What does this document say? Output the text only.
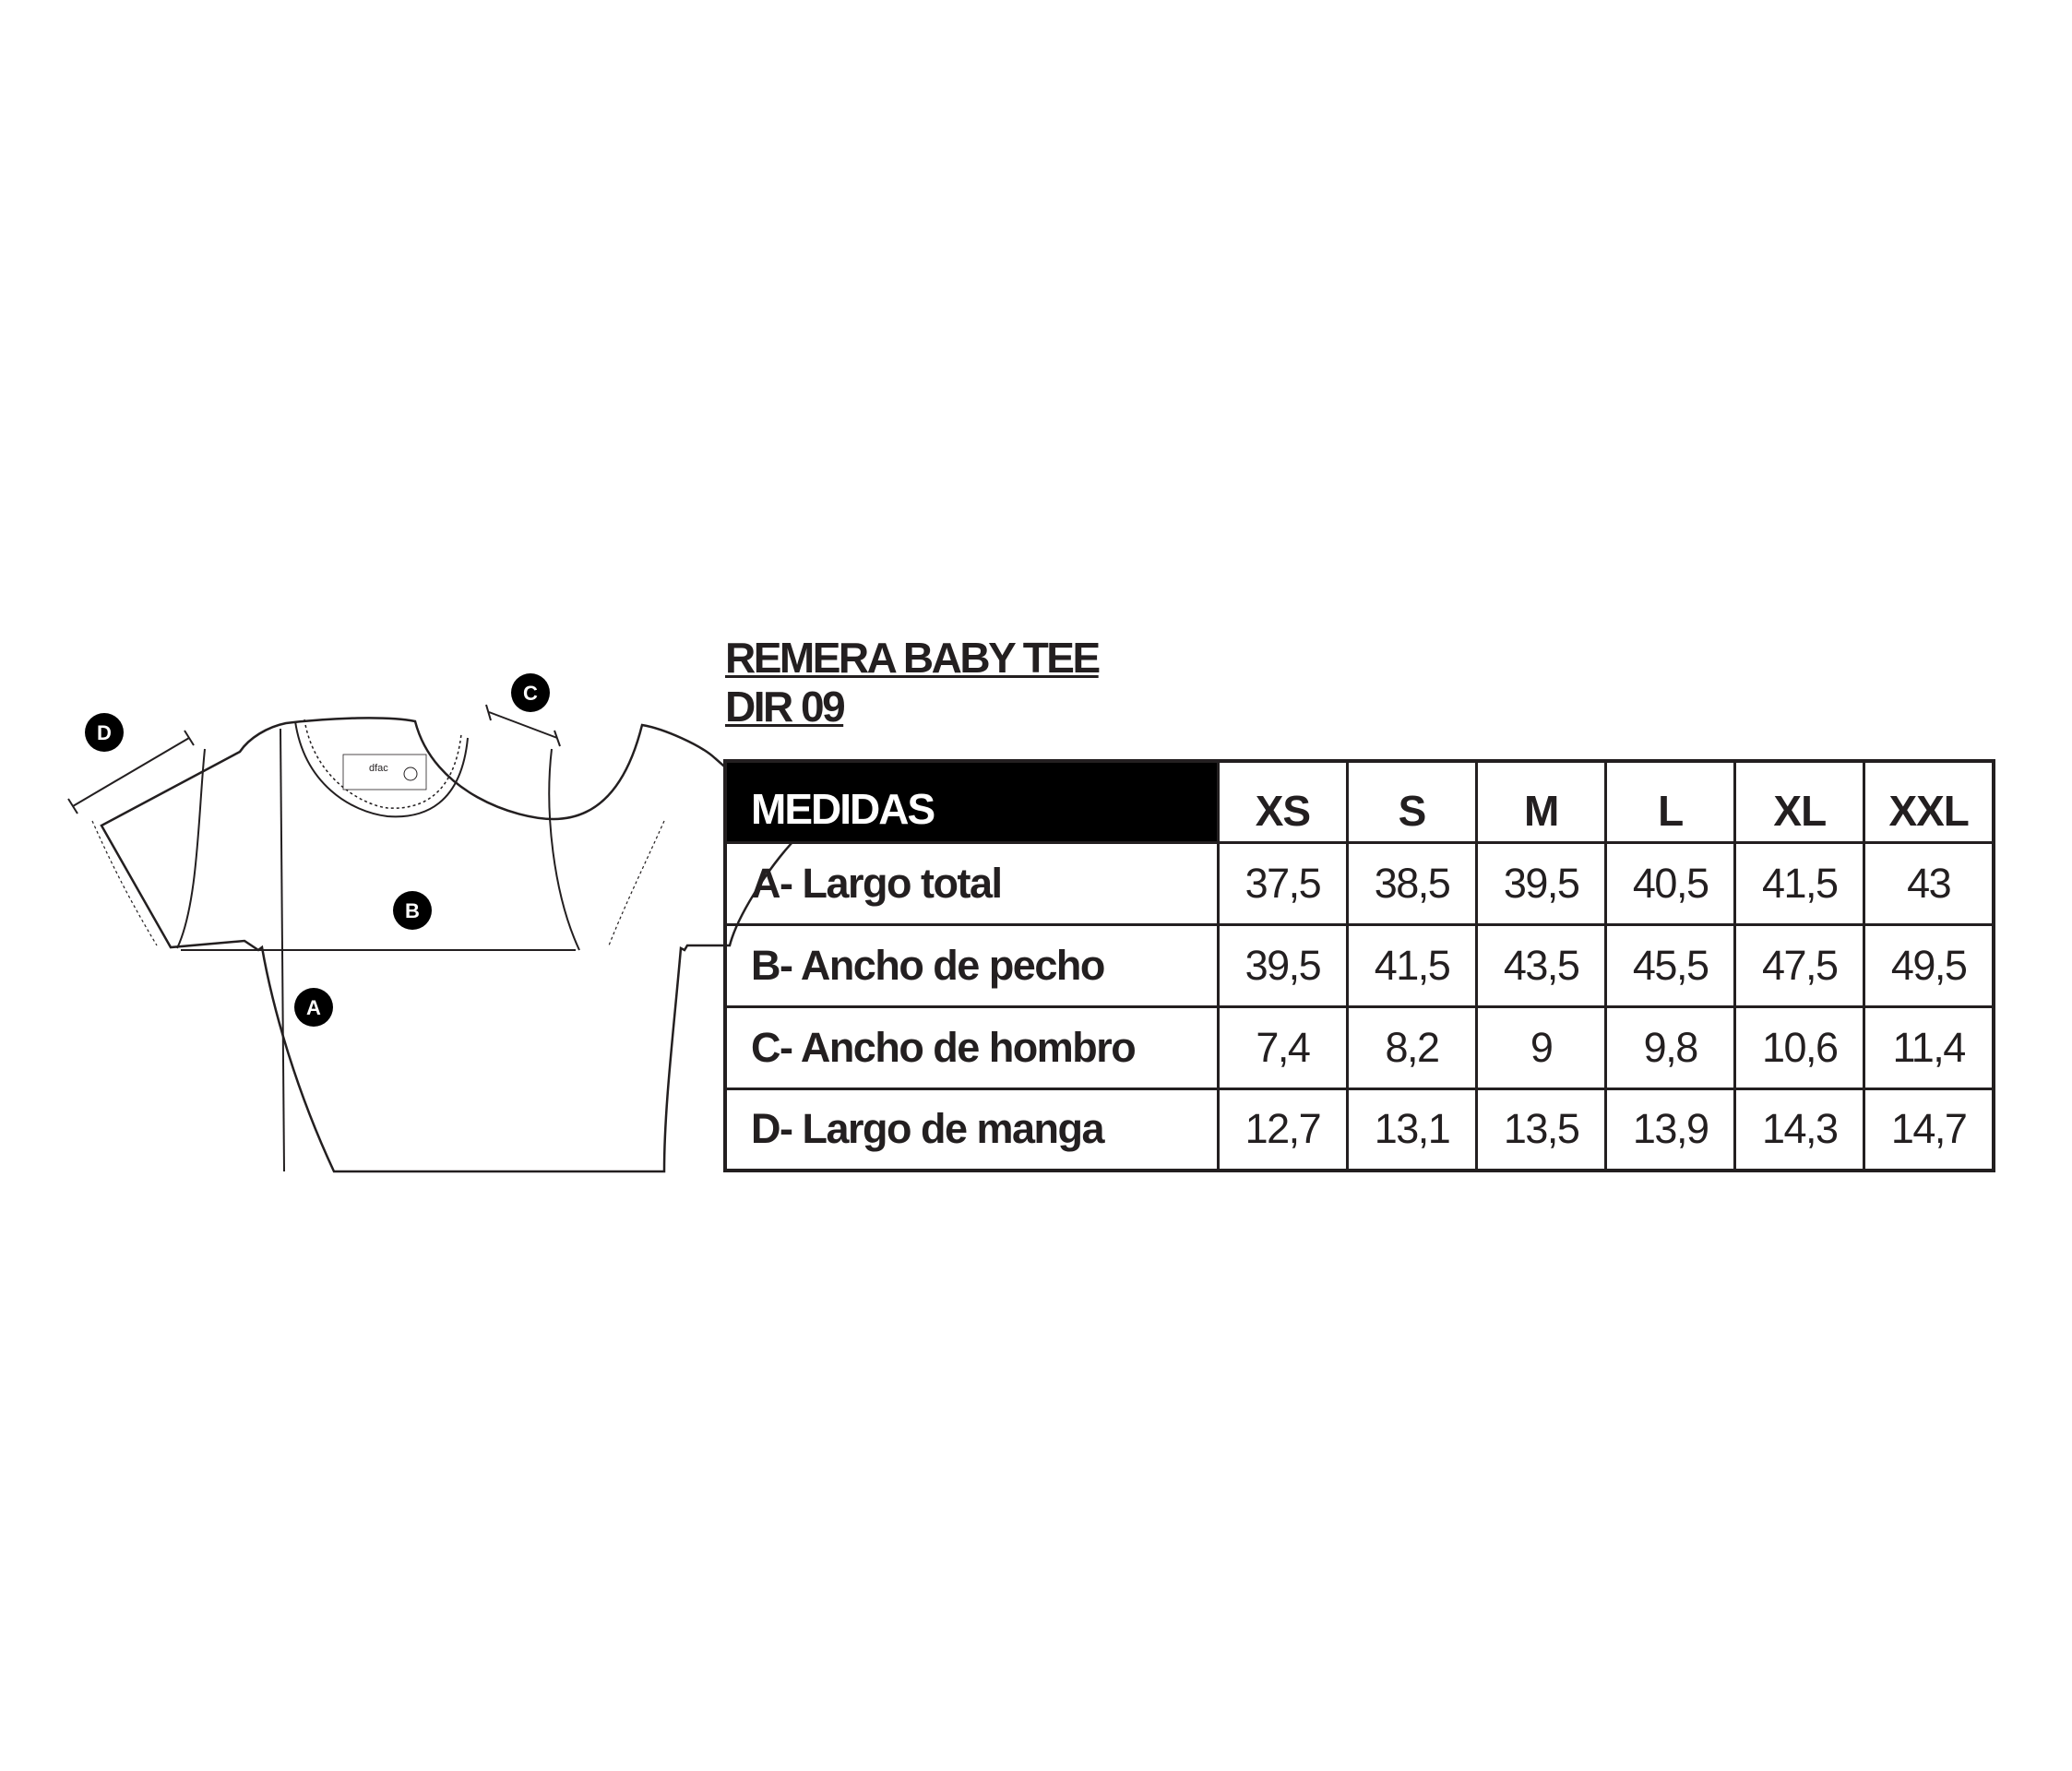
dfac
A
B
C
D
REMERA BABY TEE
DIR 09
MEDIDAS	XS	S	M	L	XL	XXL
A- Largo total	37,5	38,5	39,5	40,5	41,5	43
B- Ancho de pecho	39,5	41,5	43,5	45,5	47,5	49,5
C- Ancho de hombro	7,4	8,2	9	9,8	10,6	11,4
D- Largo de manga	12,7	13,1	13,5	13,9	14,3	14,7
